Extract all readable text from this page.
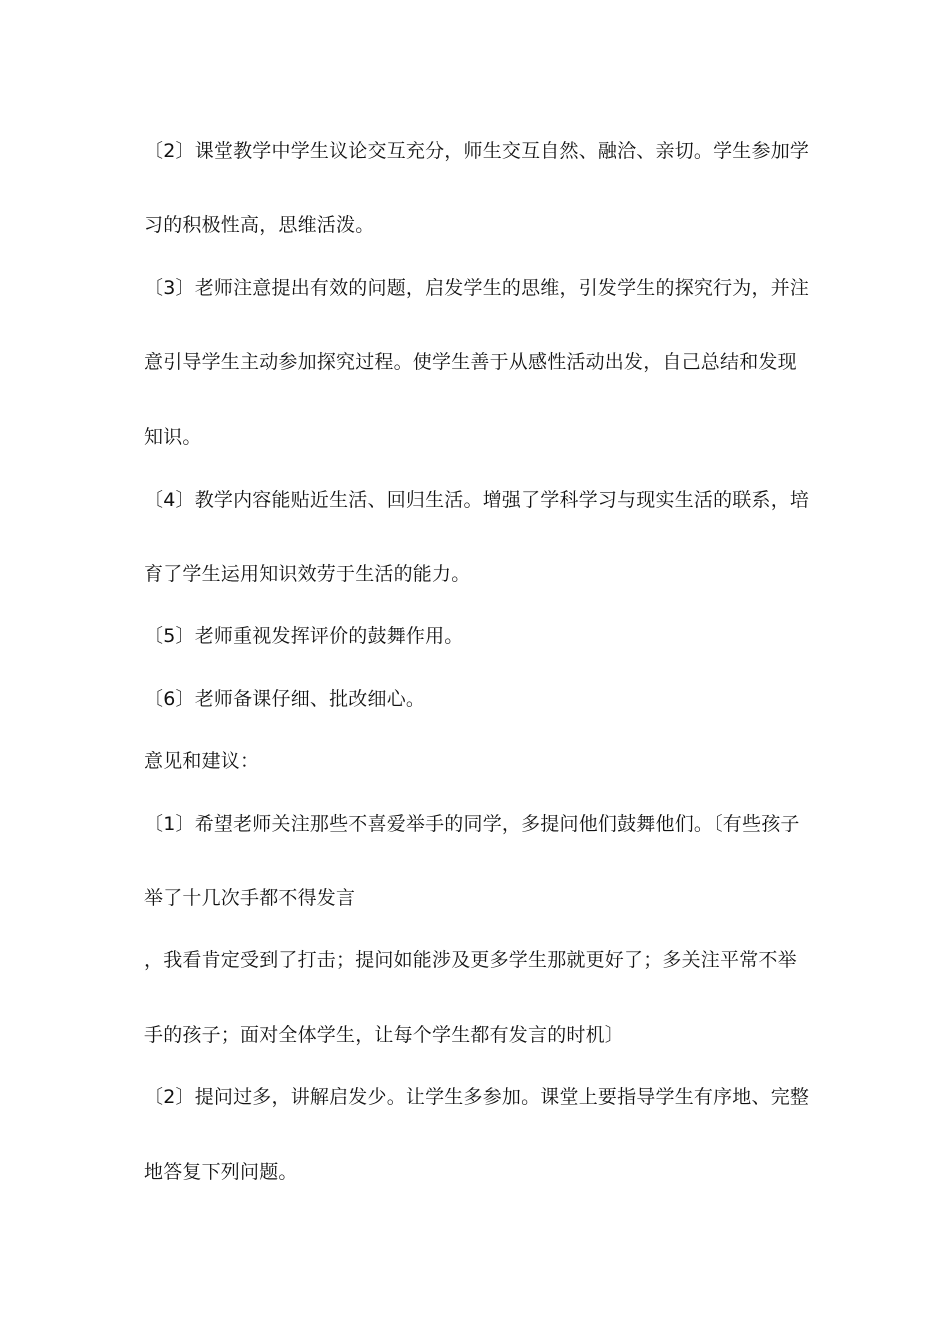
〔2〕课堂教学中学生议论交互充分，师生交互自然、融洽、亲切。学生参加学
习的积极性高，思维活泼。
〔3〕老师注意提出有效的问题，启发学生的思维，引发学生的探究行为，并注
意引导学生主动参加探究过程。使学生善于从感性活动出发，自己总结和发现
知识。
〔4〕教学内容能贴近生活、回归生活。增强了学科学习与现实生活的联系，培
育了学生运用知识效劳于生活的能力。
〔5〕老师重视发挥评价的鼓舞作用。
〔6〕老师备课仔细、批改细心。
意见和建议：
〔1〕希望老师关注那些不喜爱举手的同学，多提问他们鼓舞他们。〔有些孩子
举了十几次手都不得发言
，我看肯定受到了打击；提问如能涉及更多学生那就更好了；多关注平常不举
手的孩子；面对全体学生，让每个学生都有发言的时机〕
〔2〕提问过多，讲解启发少。让学生多参加。课堂上要指导学生有序地、完整
地答复下列问题。
